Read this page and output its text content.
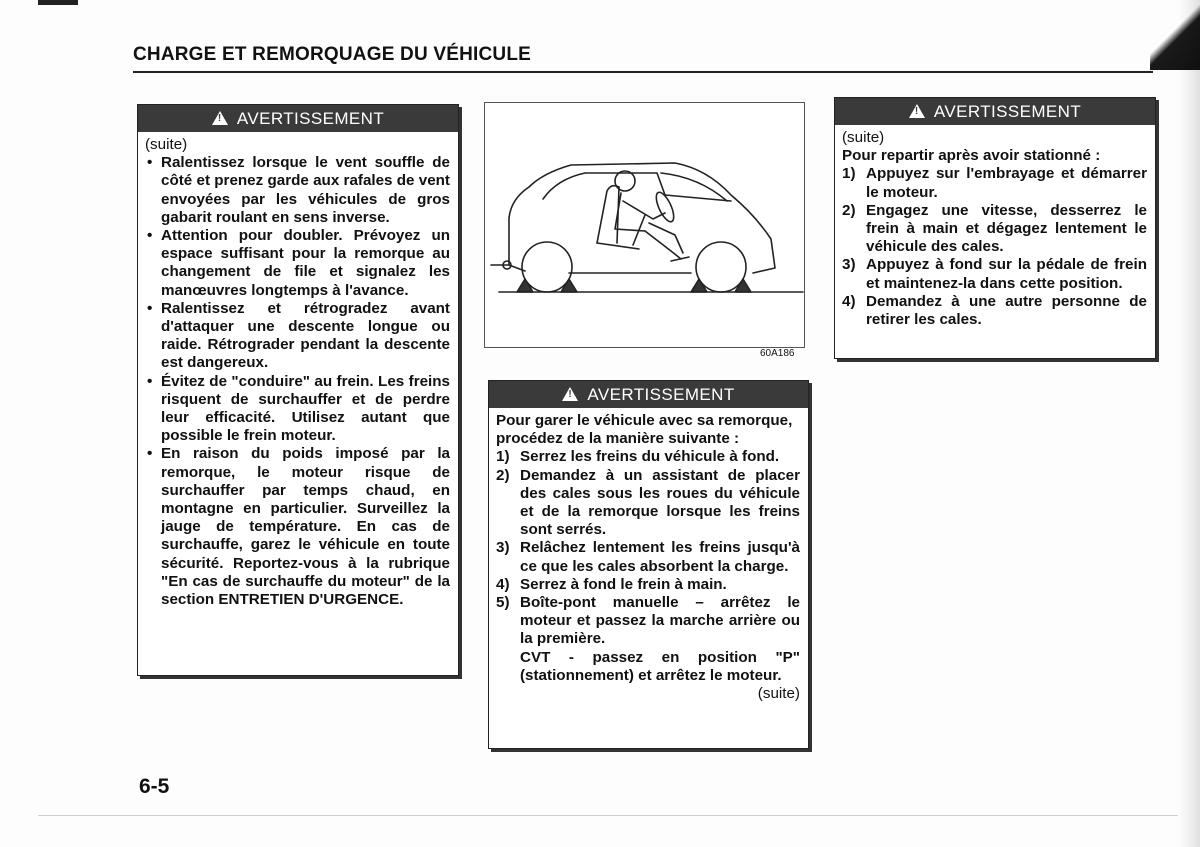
CHARGE ET REMORQUAGE DU VÉHICULE
!AVERTISSEMENT
(suite)
• Ralentissez lorsque le vent souffle de côté et prenez garde aux rafales de vent envoyées par les véhicules de gros gabarit roulant en sens inverse.
• Attention pour doubler. Prévoyez un espace suffisant pour la remorque au changement de file et signalez les manœuvres longtemps à l'avance.
• Ralentissez et rétrogradez avant d'attaquer une descente longue ou raide. Rétrograder pendant la descente est dangereux.
• Évitez de "conduire" au frein. Les freins risquent de surchauffer et de perdre leur efficacité. Utilisez autant que possible le frein moteur.
• En raison du poids imposé par la remorque, le moteur risque de surchauffer par temps chaud, en montagne en particulier. Surveillez la jauge de température. En cas de surchauffe, garez le véhicule en toute sécurité. Reportez-vous à la rubrique "En cas de surchauffe du moteur" de la section ENTRETIEN D'URGENCE.
60A186
!AVERTISSEMENT
Pour garer le véhicule avec sa remorque, procédez de la manière suivante :
1) Serrez les freins du véhicule à fond.
2) Demandez à un assistant de placer des cales sous les roues du véhicule et de la remorque lorsque les freins sont serrés.
3) Relâchez lentement les freins jusqu'à ce que les cales absorbent la charge.
4) Serrez à fond le frein à main.
5) Boîte-pont manuelle – arrêtez le moteur et passez la marche arrière ou la première.
CVT - passez en position "P" (stationnement) et arrêtez le moteur.
(suite)
!AVERTISSEMENT
(suite)
Pour repartir après avoir stationné :
1) Appuyez sur l'embrayage et démarrer le moteur.
2) Engagez une vitesse, desserrez le frein à main et dégagez lentement le véhicule des cales.
3) Appuyez à fond sur la pédale de frein et maintenez-la dans cette position.
4) Demandez à une autre personne de retirer les cales.
6-5
